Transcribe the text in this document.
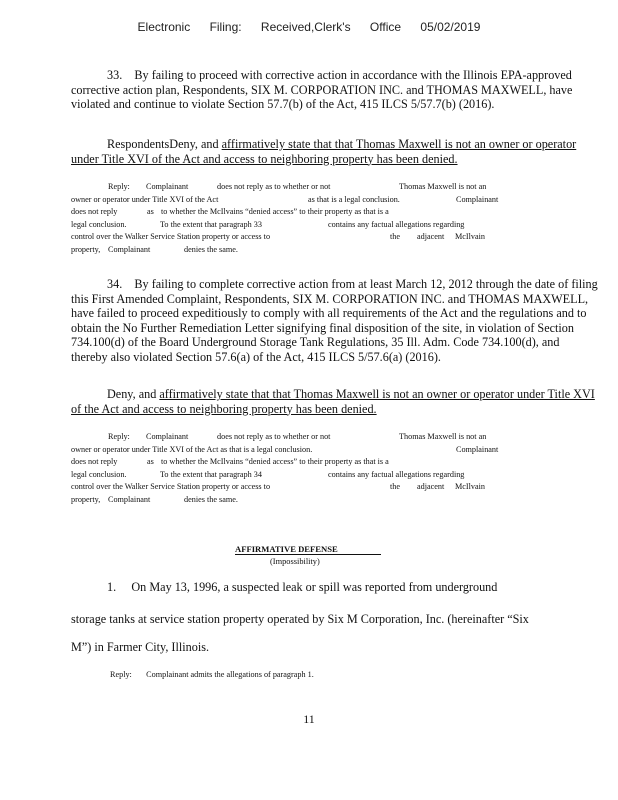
Electronic Filing: Received,Clerk's Office 05/02/2019
33. By failing to proceed with corrective action in accordance with the Illinois EPA-approved corrective action plan, Respondents, SIX M. CORPORATION INC. and THOMAS MAXWELL, have violated and continue to violate Section 57.7(b) of the Act, 415 ILCS 5/57.7(b) (2016).
RespondentsDeny, and affirmatively state that that Thomas Maxwell is not an owner or operator under Title XVI of the Act and access to neighboring property has been denied.
Reply: Complainant	does not reply as to whether or not	Thomas Maxwell is not an
owner or operator under Title XVI of the Act	as that is a legal conclusion.	Complainant
does not reply	as to whether the McIlvains “denied access” to their property as that is a
legal conclusion.	To the extent that paragraph 33	contains any factual allegations regarding
control over the Walker Service Station property or access to	the adjacent McIlvain
property, Complainant	denies the same.
34. By failing to complete corrective action from at least March 12, 2012 through the date of filing this First Amended Complaint, Respondents, SIX M. CORPORATION INC. and THOMAS MAXWELL, have failed to proceed expeditiously to comply with all requirements of the Act and the regulations and to obtain the No Further Remediation Letter signifying final disposition of the site, in violation of Section 734.100(d) of the Board Underground Storage Tank Regulations, 35 Ill. Adm. Code 734.100(d), and thereby also violated Section 57.6(a) of the Act, 415 ILCS 5/57.6(a) (2016).
Deny, and affirmatively state that that Thomas Maxwell is not an owner or operator under Title XVI of the Act and access to neighboring property has been denied.
Reply: Complainant	does not reply as to whether or not	Thomas Maxwell is not an
owner or operator under Title XVI of the Act as that is a legal conclusion.	Complainant
does not reply	as to whether the McIlvains “denied access” to their property as that is a
legal conclusion.	To the extent that paragraph 34	contains any factual allegations regarding
control over the Walker Service Station property or access to	the adjacent McIlvain
property, Complainant	denies the same.
AFFIRMATIVE DEFENSE
(Impossibility)
1. On May 13, 1996, a suspected leak or spill was reported from underground
storage tanks at service station property operated by Six M Corporation, Inc. (hereinafter “Six
M”) in Farmer City, Illinois.
Reply: Complainant admits the allegations of paragraph 1.
11
